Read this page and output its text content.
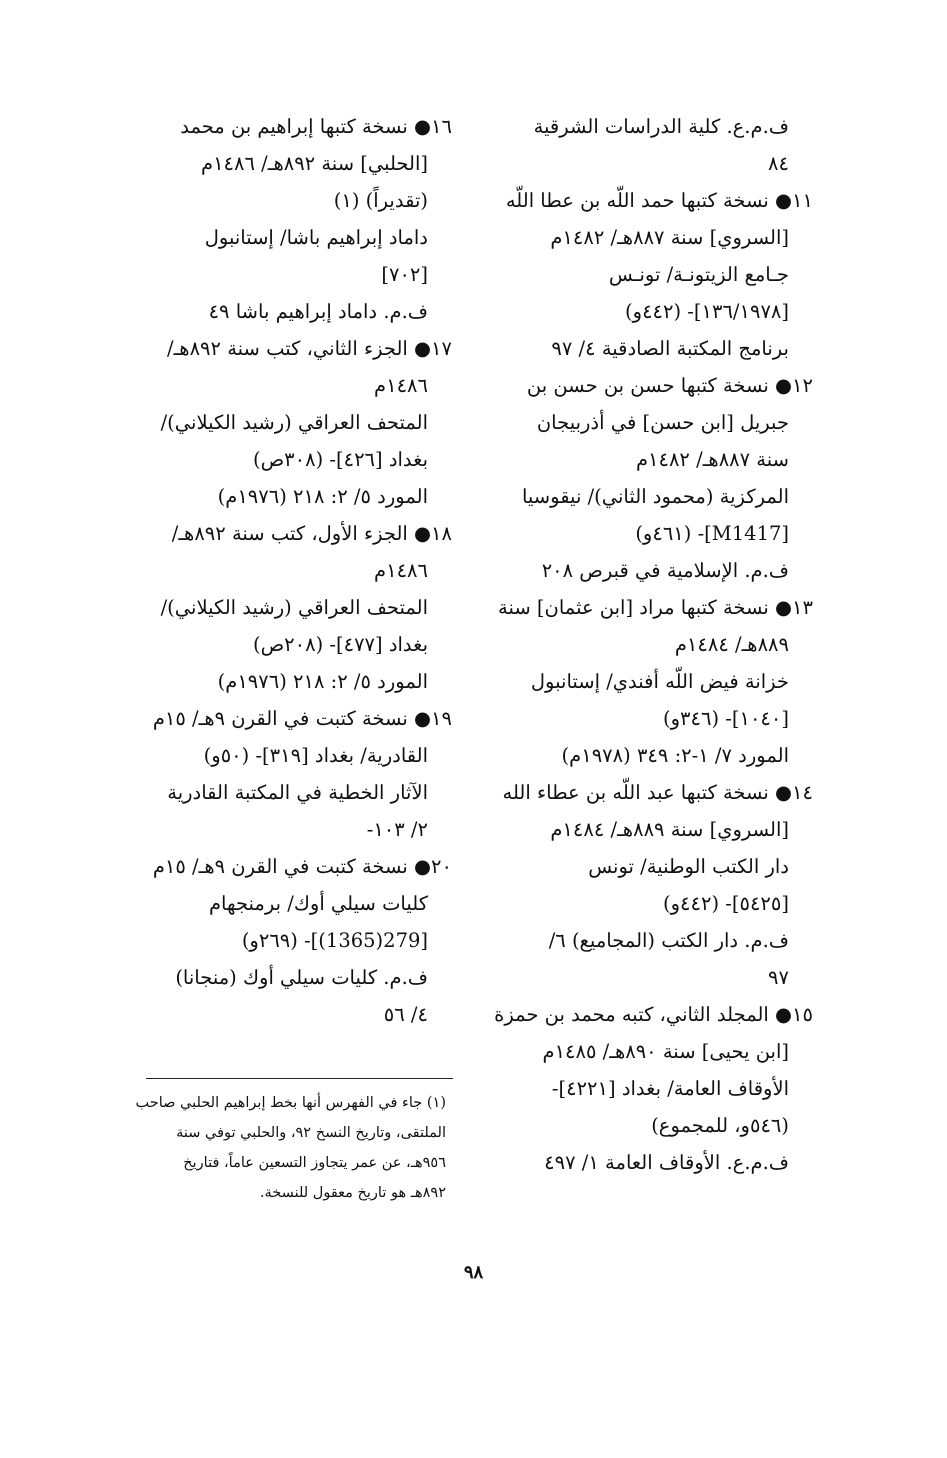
ف.م.ع. كلية الدراسات الشرقية
٨٤
١١● نسخة كتبها حمد اللّه بن عطا اللّه
[السروي] سنة ٨٨٧هـ/ ١٤٨٢م
جـامع الزيتونـة/ تونـس
[١٣٦/١٩٧٨]- (٤٤٢و)
برنامج المكتبة الصادقية ٤/ ٩٧
١٢● نسخة كتبها حسن بن حسن بن
جبريل [ابن حسن] في أذربيجان
سنة ٨٨٧هـ/ ١٤٨٢م
المركزية (محمود الثاني)/ نيقوسيا
[M1417]- (٤٦١و)
ف.م. الإسلامية في قبرص ٢٠٨
١٣● نسخة كتبها مراد [ابن عثمان] سنة
٨٨٩هـ/ ١٤٨٤م
خزانة فيض اللّه أفندي/ إستانبول
[١٠٤٠]- (٣٤٦و)
المورد ٧/ ١-٢: ٣٤٩ (١٩٧٨م)
١٤● نسخة كتبها عبد اللّه بن عطاء الله
[السروي] سنة ٨٨٩هـ/ ١٤٨٤م
دار الكتب الوطنية/ تونس
[٥٤٢٥]- (٤٤٢و)
ف.م. دار الكتب (المجاميع) ٦/
٩٧
١٥● المجلد الثاني، كتبه محمد بن حمزة
[ابن يحيى] سنة ٨٩٠هـ/ ١٤٨٥م
الأوقاف العامة/ بغداد [٤٢٢١]-
(٥٤٦و، للمجموع)
ف.م.ع. الأوقاف العامة ١/ ٤٩٧
١٦● نسخة كتبها إبراهيم بن محمد
[الحلبي] سنة ٨٩٢هـ/ ١٤٨٦م
(تقديراً) (١)
داماد إبراهيم باشا/ إستانبول
[٧٠٢]
ف.م. داماد إبراهيم باشا ٤٩
١٧● الجزء الثاني، كتب سنة ٨٩٢هـ/
١٤٨٦م
المتحف العراقي (رشيد الكيلاني)/
بغداد [٤٢٦]- (٣٠٨ص)
المورد ٥/ ٢: ٢١٨ (١٩٧٦م)
١٨● الجزء الأول، كتب سنة ٨٩٢هـ/
١٤٨٦م
المتحف العراقي (رشيد الكيلاني)/
بغداد [٤٧٧]- (٢٠٨ص)
المورد ٥/ ٢: ٢١٨ (١٩٧٦م)
١٩● نسخة كتبت في القرن ٩هـ/ ١٥م
القادرية/ بغداد [٣١٩]- (٥٠و)
الآثار الخطية في المكتبة القادرية
٢/ ١٠٣-
٢٠● نسخة كتبت في القرن ٩هـ/ ١٥م
كليات سيلي أوك/ برمنجهام
[279(1365)]- (٢٦٩و)
ف.م. كليات سيلي أوك (منجانا)
٤/ ٥٦
(١) جاء في الفهرس أنها بخط إبراهيم الحلبي صاحب
الملتقى، وتاريخ النسخ ٩٢، والحلبي توفي سنة
٩٥٦هـ، عن عمر يتجاوز التسعين عاماً، فتاريخ
٨٩٢هـ هو تاريخ معقول للنسخة.
٩٨
